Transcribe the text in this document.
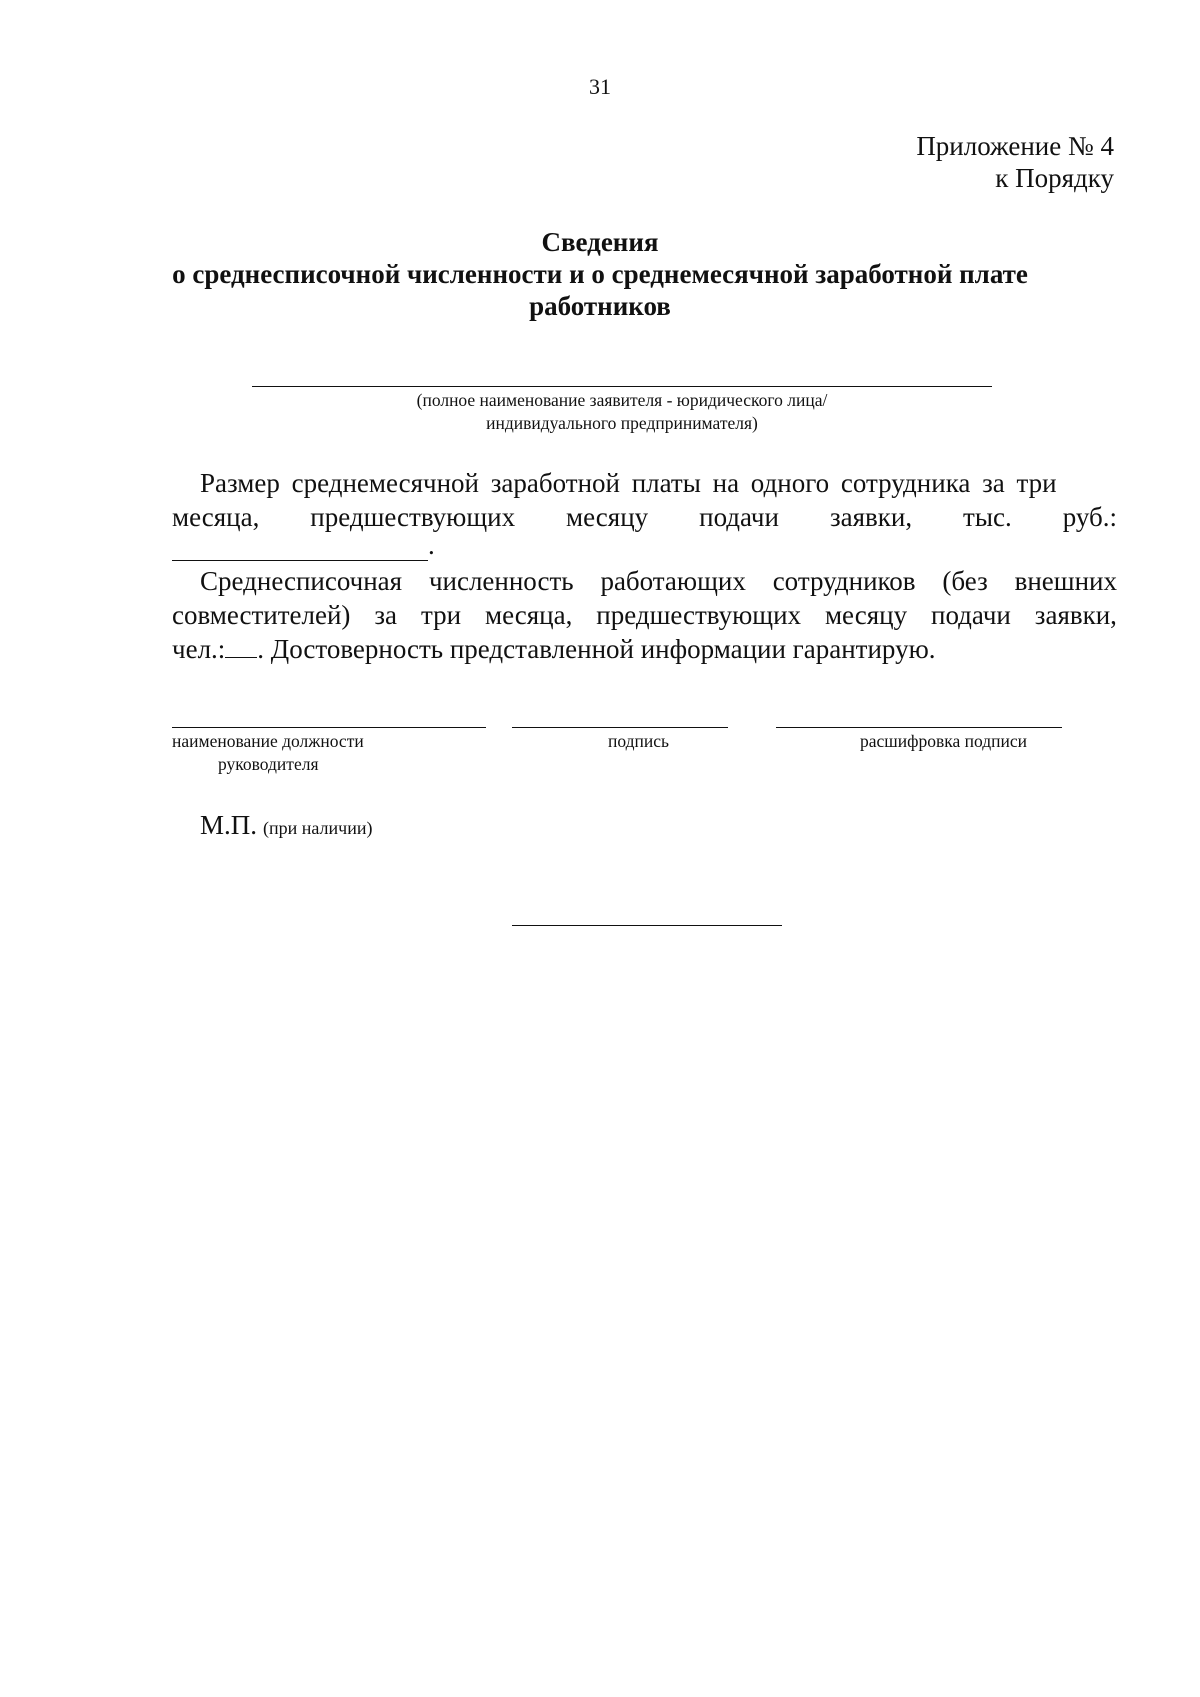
31
Приложение № 4
к Порядку
Сведения
о среднесписочной численности и о среднемесячной заработной плате
работников
(полное наименование заявителя - юридического лица/
индивидуального предпринимателя)
Размер среднемесячной заработной платы на одного сотрудника за три
месяца, предшествующих месяцу подачи заявки, тыс. руб.:
.
Среднесписочная численность работающих сотрудников (без внешних
совместителей) за три месяца, предшествующих месяцу подачи заявки,
чел.: . Достоверность представленной информации гарантирую.
наименование должности
руководителя
подпись	расшифровка подписи
М.П. (при наличии)
